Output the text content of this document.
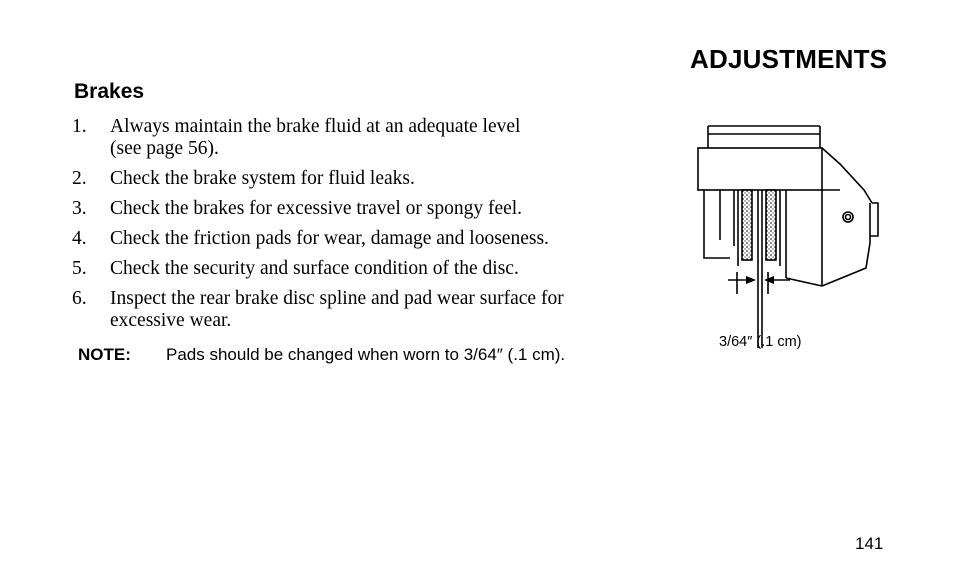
ADJUSTMENTS
Brakes
1.	Always maintain the brake fluid at an adequate level
(see page 56).
2.	Check the brake system for fluid leaks.
3.	Check the brakes for excessive travel or spongy feel.
4.	Check the friction pads for wear, damage and looseness.
5.	Check the security and surface condition of the disc.
6.	Inspect the rear brake disc spline and pad wear surface for
excessive wear.
NOTE: Pads should be changed when worn to 3/64″ (.1 cm).
3/64″ (.1 cm)
141
